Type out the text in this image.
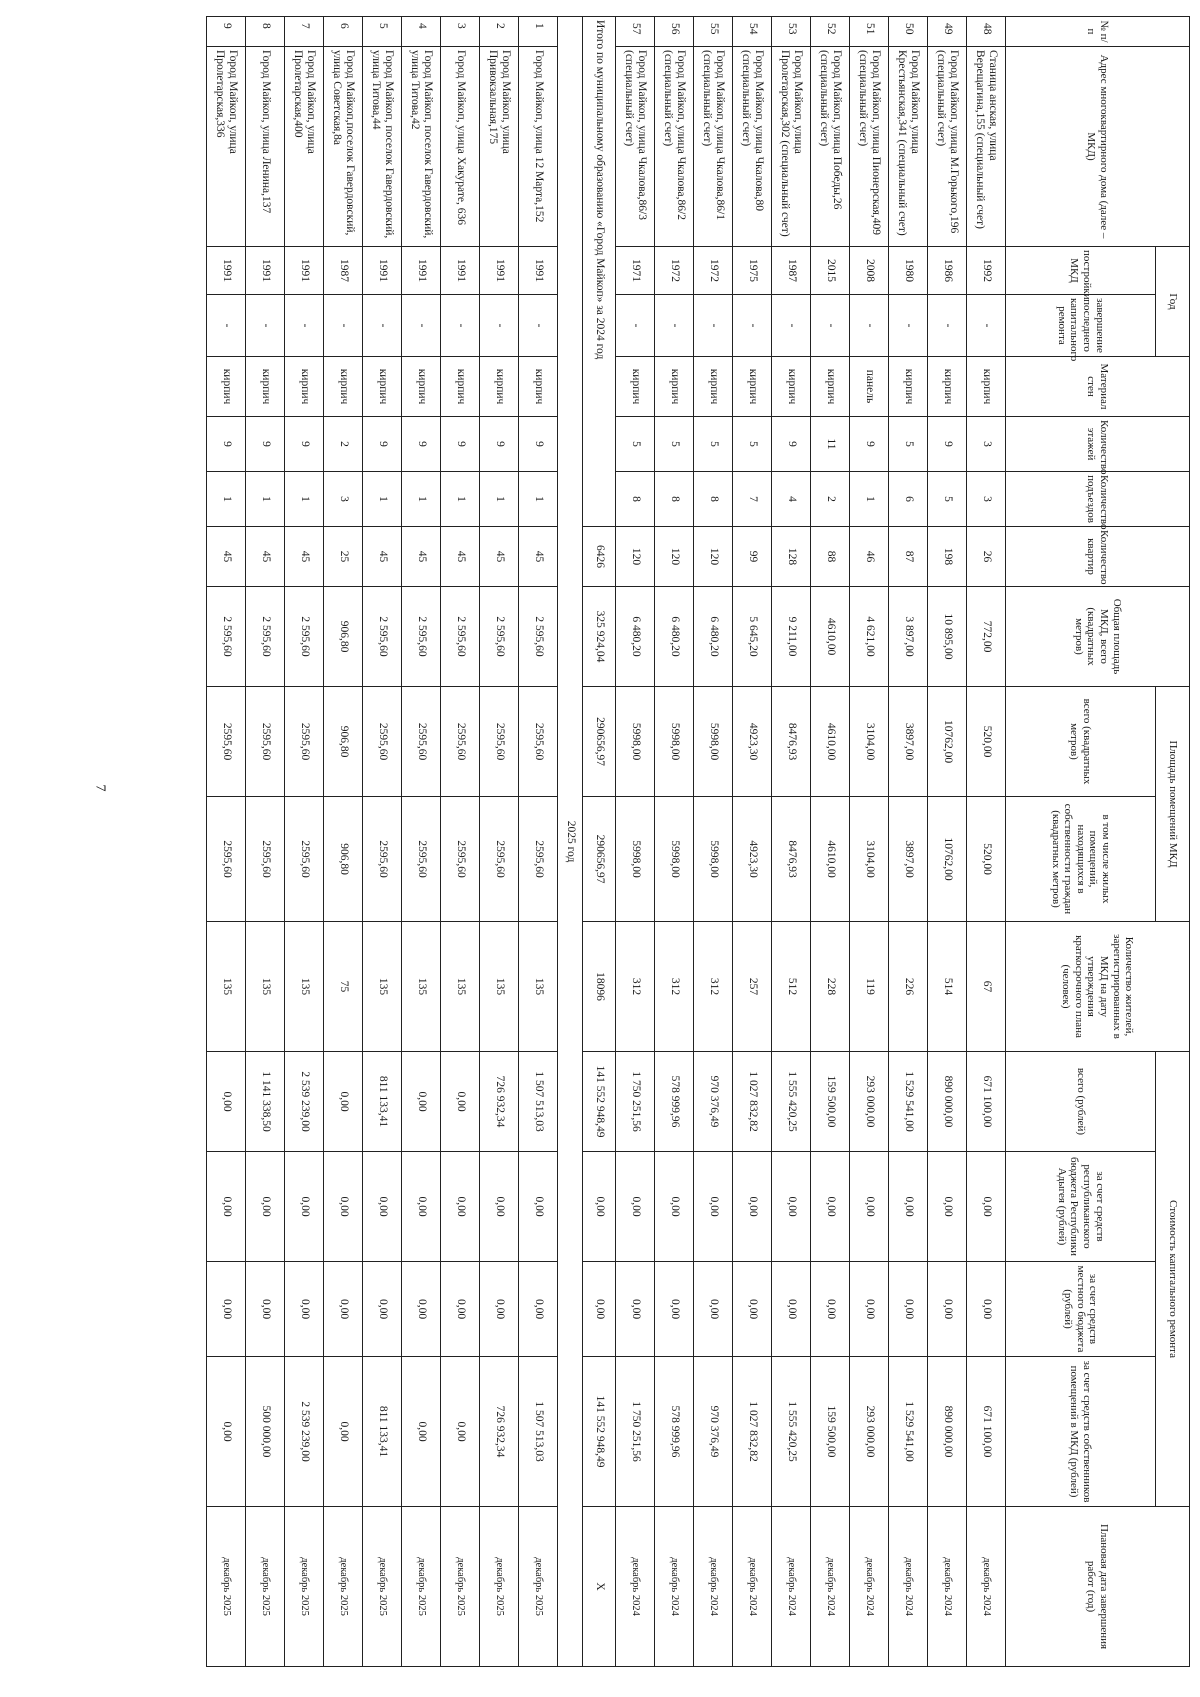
7
№ п/п	Адрес многоквартирного дома (далее – МКД)	Год		Материал стен	Количество этажей	Количество подъездов	Количество квартир	Общая площадь МКД, всего (квадратных метров)	Площадь помещений МКД		Количество жителей, зарегистрированных в МКД на дату утверждения краткосрочного плана (человек)	Стоимость капитального ремонта				Плановая дата завершения работ (год)
		постройки МКД	завершение последнего капитального ремонта						всего (квадратных метров)	в том числе жилых помещений, находящихся в собственности граждан (квадратных метров)		всего (рублей)	за счет средств республиканского бюджета Республики Адыгея (рублей)	за счет средств местного бюджета (рублей)	за счет средств собственников помещений в МКД (рублей)	
48	Станица анская, улица Верещагина,155 (специальный счет)	1992	-	кирпич	3	3	26	772,00	520,00	520,00	67	671 100,00	0,00	0,00	671 100,00	декабрь 2024
49	Город Майкоп, улица М.Горького,196 (специальный счет)	1986	-	кирпич	9	5	198	10 895,00	10762,00	10762,00	514	890 000,00	0,00	0,00	890 000,00	декабрь 2024
50	Город Майкоп, улица Крестьянская,341 (специальный счет)	1980	-	кирпич	5	6	87	3 897,00	3897,00	3897,00	226	1 529 541,00	0,00	0,00	1 529 541,00	декабрь 2024
51	Город Майкоп, улица Пионерская,409 (специальный счет)	2008	-	панель	9	1	46	4 621,00	3104,00	3104,00	119	293 000,00	0,00	0,00	293 000,00	декабрь 2024
52	Город Майкоп, улица Победы,26 (специальный счет)	2015	-	кирпич	11	2	88	4610,00	4610,00	4610,00	228	159 500,00	0,00	0,00	159 500,00	декабрь 2024
53	Город Майкоп, улица Пролетарская,302 (специальный счет)	1987	-	кирпич	9	4	128	9 211,00	8476,93	8476,93	512	1 555 420,25	0,00	0,00	1 555 420,25	декабрь 2024
54	Город Майкоп, улица Чкалова,80 (специальный счет)	1975	-	кирпич	5	7	99	5 645,20	4923,30	4923,30	257	1 027 832,82	0,00	0,00	1 027 832,82	декабрь 2024
55	Город Майкоп, улица Чкалова,86/1 (специальный счет)	1972	-	кирпич	5	8	120	6 480,20	5998,00	5998,00	312	970 376,49	0,00	0,00	970 376,49	декабрь 2024
56	Город Майкоп, улица Чкалова,86/2 (специальный счет)	1972	-	кирпич	5	8	120	6 480,20	5998,00	5998,00	312	578 999,96	0,00	0,00	578 999,96	декабрь 2024
57	Город Майкоп, улица Чкалова,86/3 (специальный счет)	1971	-	кирпич	5	8	120	6 480,20	5998,00	5998,00	312	1 750 251,56	0,00	0,00	1 750 251,56	декабрь 2024
Итого по муниципальному образованию «Город Майкоп» за 2024 год							6426	325 924,04	290656,97	290656,97	18096	141 552 948,49	0,00	0,00	141 552 948,49	Х
2025 год																
1	Город Майкоп, улица 12 Марта,152	1991	-	кирпич	9	1	45	2 595,60	2595,60	2595,60	135	1 507 513,03	0,00	0,00	1 507 513,03	декабрь 2025
2	Город Майкоп, улица Привокзальная,175	1991	-	кирпич	9	1	45	2 595,60	2595,60	2595,60	135	726 932,34	0,00	0,00	726 932,34	декабрь 2025
3	Город Майкоп, улица Хакурате, 636	1991	-	кирпич	9	1	45	2 595,60	2595,60	2595,60	135	0,00	0,00	0,00	0,00	декабрь 2025
4	Город Майкоп, поселок Гавердовский, улица Титова,42	1991	-	кирпич	9	1	45	2 595,60	2595,60	2595,60	135	0,00	0,00	0,00	0,00	декабрь 2025
5	Город Майкоп, поселок Гавердовский, улица Титова,44	1991	-	кирпич	9	1	45	2 595,60	2595,60	2595,60	135	811 133,41	0,00	0,00	811 133,41	декабрь 2025
6	Город Майкоп,поселок Гавердовский, улица Советская,8а	1987	-	кирпич	2	3	25	906,80	906,80	906,80	75	0,00	0,00	0,00	0,00	декабрь 2025
7	Город Майкоп, улица Пролетарская,400	1991	-	кирпич	9	1	45	2 595,60	2595,60	2595,60	135	2 539 239,00	0,00	0,00	2 539 239,00	декабрь 2025
8	Город Майкоп, улица Ленина,137	1991	-	кирпич	9	1	45	2 595,60	2595,60	2595,60	135	1 141 338,50	0,00	0,00	500 000,00	декабрь 2025
9	Город Майкоп, улица Пролетарская,336	1991	-	кирпич	9	1	45	2 595,60	2595,60	2595,60	135	0,00	0,00	0,00	0,00	декабрь 2025
